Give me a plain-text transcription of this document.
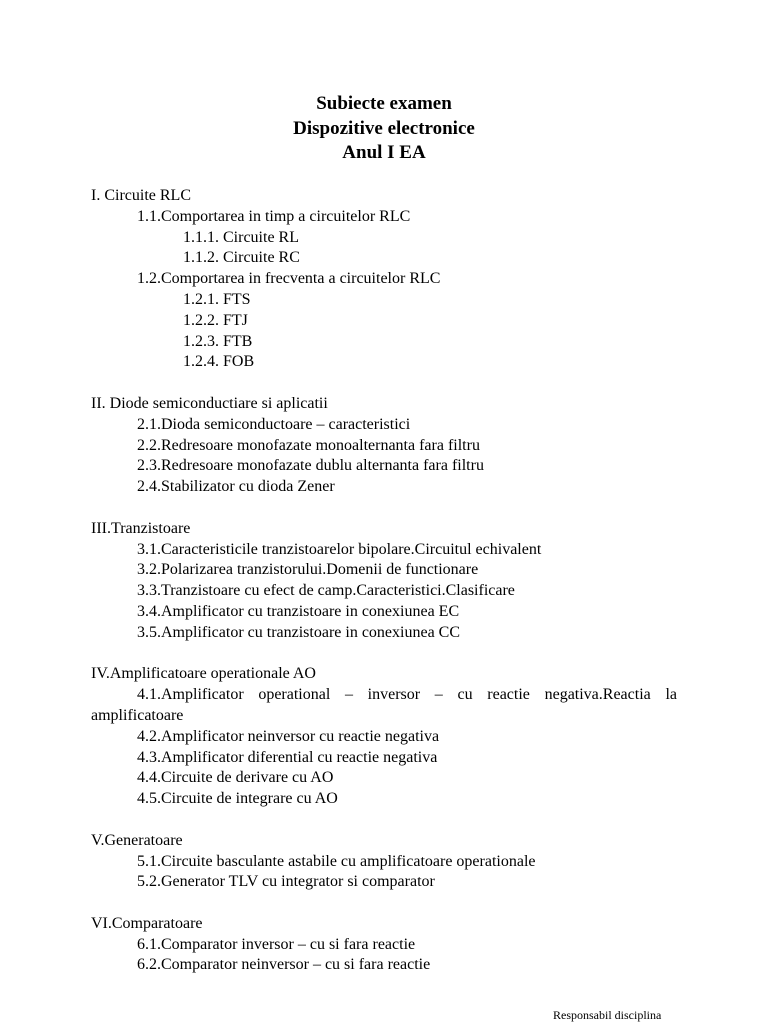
Subiecte examen
Dispozitive electronice
Anul I EA
I. Circuite RLC
1.1.Comportarea in timp a circuitelor RLC
1.1.1. Circuite RL
1.1.2. Circuite RC
1.2.Comportarea in frecventa a circuitelor RLC
1.2.1. FTS
1.2.2. FTJ
1.2.3. FTB
1.2.4. FOB
II. Diode semiconductiare si aplicatii
2.1.Dioda semiconductoare – caracteristici
2.2.Redresoare monofazate monoalternanta fara filtru
2.3.Redresoare monofazate dublu alternanta fara filtru
2.4.Stabilizator cu dioda Zener
III.Tranzistoare
3.1.Caracteristicile tranzistoarelor bipolare.Circuitul echivalent
3.2.Polarizarea tranzistorului.Domenii de functionare
3.3.Tranzistoare cu efect de camp.Caracteristici.Clasificare
3.4.Amplificator cu tranzistoare in conexiunea EC
3.5.Amplificator cu tranzistoare in conexiunea CC
IV.Amplificatoare operationale AO
4.1.Amplificator operational – inversor – cu reactie negativa.Reactia la amplificatoare
4.2.Amplificator neinversor cu reactie negativa
4.3.Amplificator diferential cu reactie negativa
4.4.Circuite de derivare cu AO
4.5.Circuite de integrare cu AO
V.Generatoare
5.1.Circuite basculante astabile cu amplificatoare operationale
5.2.Generator TLV cu integrator si comparator
VI.Comparatoare
6.1.Comparator inversor – cu si fara reactie
6.2.Comparator neinversor – cu si fara reactie
Responsabil disciplina
